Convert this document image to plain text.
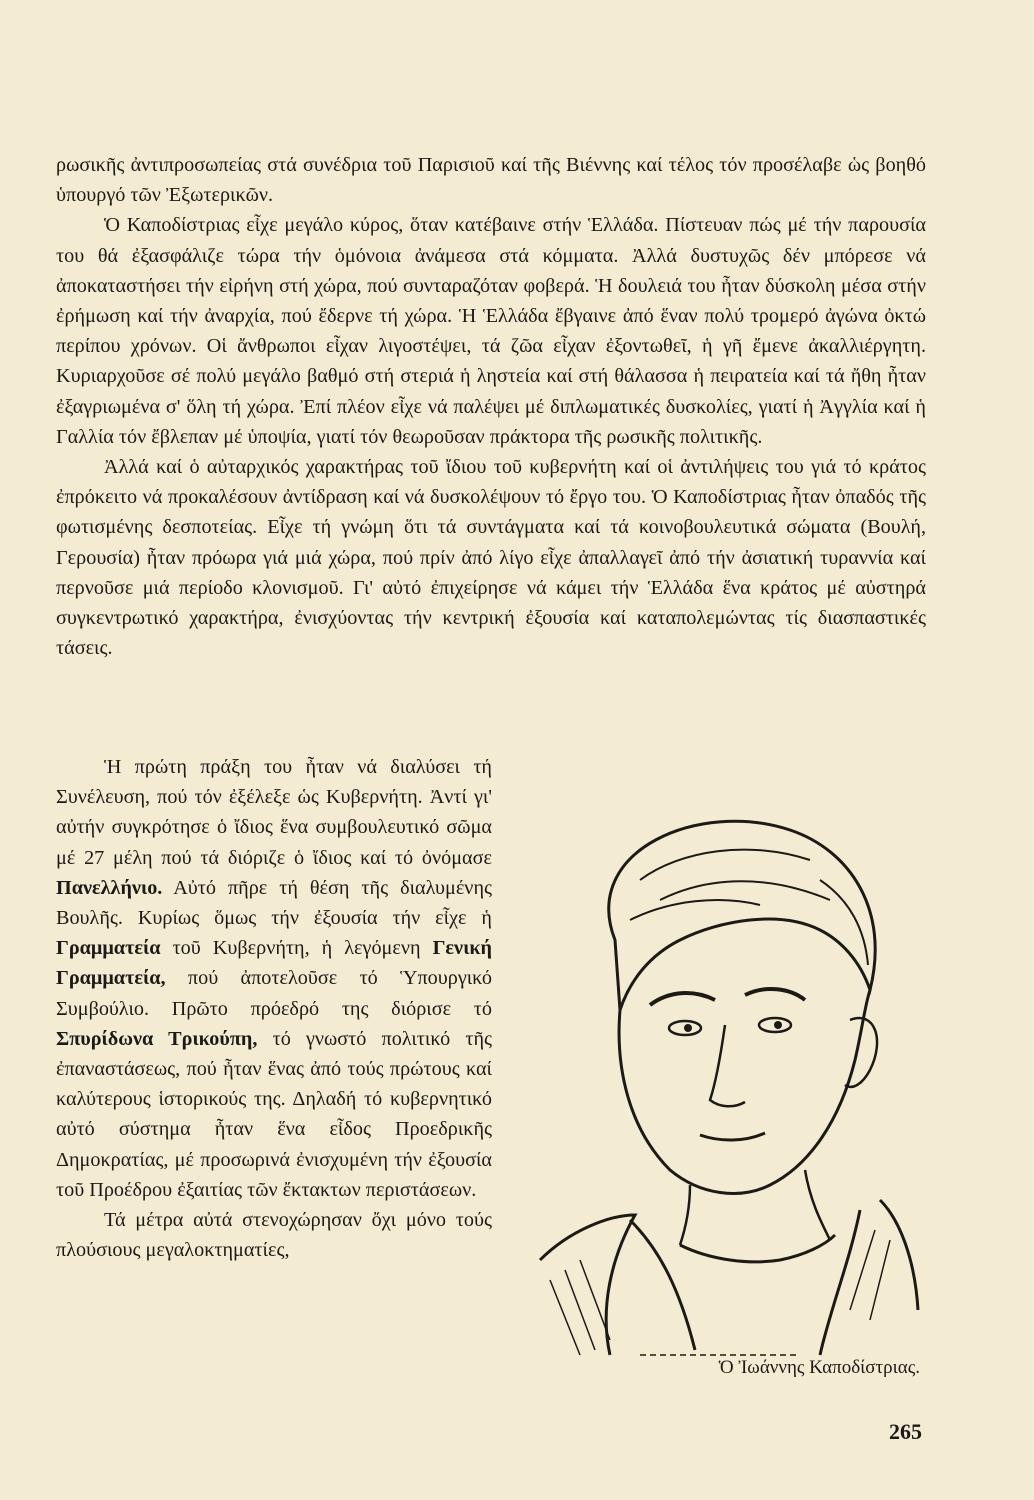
ρωσικῆς ἀντιπροσωπείας στά συνέδρια τοῦ Παρισιοῦ καί τῆς Βιέννης καί τέλος τόν προσέλαβε ὡς βοηθό ὑπουργό τῶν Ἐξωτερικῶν.

Ὁ Καποδίστριας εἶχε μεγάλο κύρος, ὅταν κατέβαινε στήν Ἑλλάδα. Πίστευαν πώς μέ τήν παρουσία του θά ἐξασφάλιζε τώρα τήν ὁμόνοια ἀνάμεσα στά κόμματα. Ἀλλά δυστυχῶς δέν μπόρεσε νά ἀποκαταστήσει τήν εἰρήνη στή χώρα, πού συνταραζόταν φοβερά. Ἡ δουλειά του ἦταν δύσκολη μέσα στήν ἐρήμωση καί τήν ἀναρχία, πού ἔδερνε τή χώρα. Ἡ Ἑλλάδα ἔβγαινε ἀπό ἕναν πολύ τρομερό ἀγώνα ὀκτώ περίπου χρόνων. Οἱ ἄνθρωποι εἶχαν λιγοστέψει, τά ζῶα εἶχαν ἐξοντωθεῖ, ἡ γῆ ἔμενε ἀκαλλιέργητη. Κυριαρχοῦσε σέ πολύ μεγάλο βαθμό στή στεριά ἡ ληστεία καί στή θάλασσα ἡ πειρατεία καί τά ἤθη ἦταν ἐξαγριωμένα σ' ὅλη τή χώρα. Ἐπί πλέον εἶχε νά παλέψει μέ διπλωματικές δυσκολίες, γιατί ἡ Ἀγγλία καί ἡ Γαλλία τόν ἔβλεπαν μέ ὑποψία, γιατί τόν θεωροῦσαν πράκτορα τῆς ρωσικῆς πολιτικῆς.

Ἀλλά καί ὁ αὐταρχικός χαρακτήρας τοῦ ἴδιου τοῦ κυβερνήτη καί οἱ ἀντιλήψεις του γιά τό κράτος ἐπρόκειτο νά προκαλέσουν ἀντίδραση καί νά δυσκολέψουν τό ἔργο του. Ὁ Καποδίστριας ἦταν ὀπαδός τῆς φωτισμένης δεσποτείας. Εἶχε τή γνώμη ὅτι τά συντάγματα καί τά κοινοβουλευτικά σώματα (Βουλή, Γερουσία) ἦταν πρόωρα γιά μιά χώρα, πού πρίν ἀπό λίγο εἶχε ἀπαλλαγεῖ ἀπό τήν ἀσιατική τυραννία καί περνοῦσε μιά περίοδο κλονισμοῦ. Γι' αὐτό ἐπιχείρησε νά κάμει τήν Ἑλλάδα ἕνα κράτος μέ αὐστηρά συγκεντρωτικό χαρακτήρα, ἐνισχύοντας τήν κεντρική ἐξουσία καί καταπολεμώντας τίς διασπαστικές τάσεις.

Ἡ πρώτη πράξη του ἦταν νά διαλύσει τή Συνέλευση, πού τόν ἐξέλεξε ὡς Κυβερνήτη. Ἀντί γι' αὐτήν συγκρότησε ὁ ἴδιος ἕνα συμβουλευτικό σῶμα μέ 27 μέλη πού τά διόριζε ὁ ἴδιος καί τό ὀνόμασε Πανελλήνιο. Αὐτό πῆρε τή θέση τῆς διαλυμένης Βουλῆς. Κυρίως ὅμως τήν ἐξουσία τήν εἶχε ἡ Γραμματεία τοῦ Κυβερνήτη, ἡ λεγόμενη Γενική Γραμματεία, πού ἀποτελοῦσε τό Ὑπουργικό Συμβούλιο. Πρῶτο πρόεδρό της διόρισε τό Σπυρίδωνα Τρικούπη, τό γνωστό πολιτικό τῆς ἐπαναστάσεως, πού ἦταν ἕνας ἀπό τούς πρώτους καί καλύτερους ἱστορικούς της. Δηλαδή τό κυβερνητικό αὐτό σύστημα ἦταν ἕνα εἶδος Προεδρικῆς Δημοκρατίας, μέ προσωρινά ἐνισχυμένη τήν ἐξουσία τοῦ Προέδρου ἐξαιτίας τῶν ἔκτακτων περιστάσεων.

Τά μέτρα αὐτά στενοχώρησαν ὄχι μόνο τούς πλούσιους μεγαλοκτηματίες,

Ὁ Ἰωάννης Καποδίστριας.
265
